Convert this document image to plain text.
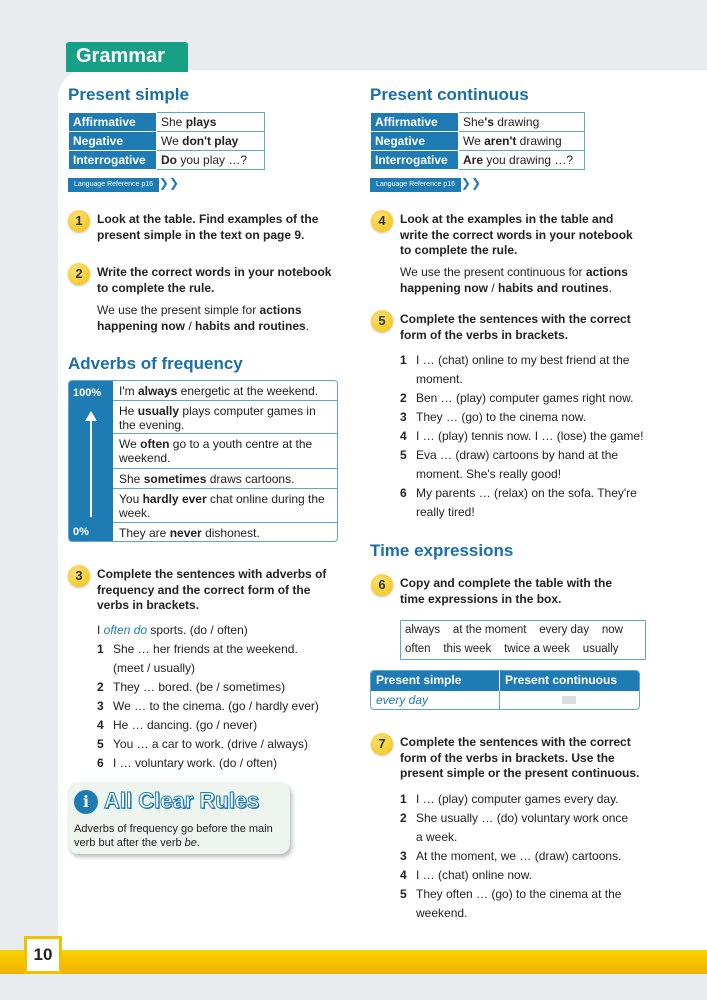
Grammar
Present simple
Affirmative	She plays
Negative	We don't play
Interrogative	Do you play …?
Language Reference p16 ❯❯
1	Look at the table. Find examples of the present simple in the text on page 9.
2	Write the correct words in your notebook to complete the rule.
We use the present simple for actions happening now / habits and routines.
Adverbs of frequency
100%
0%
I'm always energetic at the weekend.
He usually plays computer games in the evening.
We often go to a youth centre at the weekend.
She sometimes draws cartoons.
You hardly ever chat online during the week.
They are never dishonest.
3	Complete the sentences with adverbs of frequency and the correct form of the verbs in brackets.
I often do sports. (do / often)
1 She … her friends at the weekend.
(meet / usually)
2 They … bored. (be / sometimes)
3 We … to the cinema. (go / hardly ever)
4 He … dancing. (go / never)
5 You … a car to work. (drive / always)
6 I … voluntary work. (do / often)
i All Clear Rules
Adverbs of frequency go before the main
verb but after the verb be.
Present continuous
Affirmative	She's drawing
Negative	We aren't drawing
Interrogative	Are you drawing …?
Language Reference p16 ❯❯
4	Look at the examples in the table and write the correct words in your notebook to complete the rule.
We use the present continuous for actions happening now / habits and routines.
5	Complete the sentences with the correct form of the verbs in brackets.
1 I … (chat) online to my best friend at the
moment.
2 Ben … (play) computer games right now.
3 They … (go) to the cinema now.
4 I … (play) tennis now. I … (lose) the game!
5 Eva … (draw) cartoons by hand at the
moment. She's really good!
6 My parents … (relax) on the sofa. They're
really tired!
Time expressions
6	Copy and complete the table with the time expressions in the box.
always    at the moment    every day    now
often    this week    twice a week    usually
Present simple	Present continuous
every day
7	Complete the sentences with the correct form of the verbs in brackets. Use the present simple or the present continuous.
1 I … (play) computer games every day.
2 She usually … (do) voluntary work once
a week.
3 At the moment, we … (draw) cartoons.
4 I … (chat) online now.
5 They often … (go) to the cinema at the
weekend.
10
